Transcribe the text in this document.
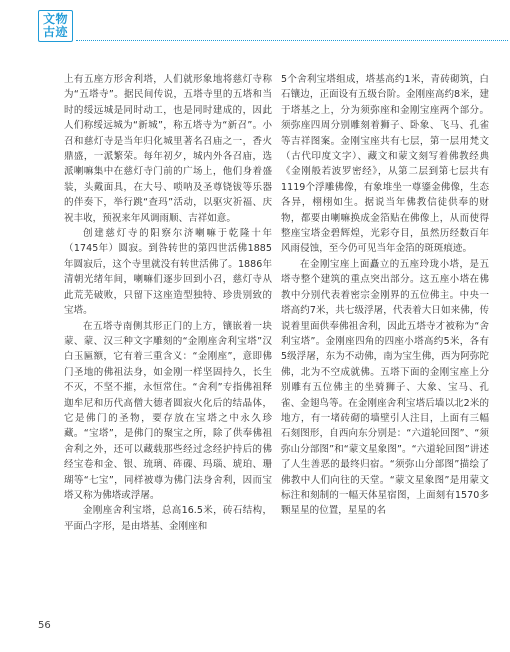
文物
古迹

上有五座方形舍利塔，人们就形象地将慈灯寺称为“五塔寺”。据民间传说，五塔寺里的五塔和当时的绥远城是同时动工，也是同时建成的，因此人们称绥远城为“新城”，称五塔寺为“新召”。小召和慈灯寺是当年归化城里著名召庙之一，香火鼎盛，一派繁荣。每年初夕，城内外各召庙，选派喇嘛集中在慈灯寺门前的广场上，他们身着盛装，头戴面具，在大号、唢呐及圣尊铙钹等乐器的伴奏下，举行跳“查玛”活动，以驱灾祈福、庆祝丰收，预祝来年风调雨顺、吉祥如意。

创建慈灯寺的阳察尔济喇嘛于乾隆十年（1745年）圆寂。到咎转世的第四世活佛1885年圆寂后，这个寺里就没有转世活佛了。1886年清朝光绪年间，喇嘛们逐步回到小召，慈灯寺从此荒芜破败，只留下这座造型独特、珍贵别致的宝塔。

在五塔寺南侧其形正门的上方，镶嵌着一块蒙、蒙、汉三种文字雕刻的“金刚座舍利宝塔”汉白玉匾额，它有着三重含义：“金刚座”，意即佛门圣地的佛祖法身，如金刚一样坚固持久，长生不灭，不坚不摧，永恒常住。“舍利”专指佛祖释迦牟尼和历代高僧大德者圆寂火化后的结晶体，它是佛门的圣物，要存放在宝塔之中永久珍藏。“宝塔”，是佛门的聚宝之所，除了供奉佛祖舍利之外，还可以藏载那些经过念经护持后的佛经宝卷和金、银、琉璃、砗磲、玛瑙、琥珀、珊瑚等“七宝”，同样被尊为佛门法身舍利，因而宝塔又称为佛塔或浮屠。

金刚座舍利宝塔，总高16.5米，砖石结构，平面凸字形，是由塔基、金刚座和

5个舍利宝塔组成，塔基高约1米，青砖砌筑，白石镶边，正面设有五级台阶。金刚座高约8米，建于塔基之上，分为须弥座和金刚宝座两个部分。须弥座四周分别雕刻着狮子、卧象、飞马、孔雀等吉祥图案。金刚宝座共有七层，第一层用梵文（古代印度文字）、藏文和蒙文刻写着佛教经典《金刚般若波罗密经》，从第二层到第七层共有1119个浮雕佛像，有象堆坐一尊鎏金佛像，生态各异，栩栩如生。据说当年佛教信徒供奉的财物，都要由喇嘛换成金箔贴在佛像上，从而使得整座宝塔金碧辉煌，光彩夺目，虽然历经数百年风雨侵蚀，至今仍可见当年金箔的斑斑痕迹。

在金刚宝座上面矗立的五座玲珑小塔，是五塔寺整个建筑的重点突出部分。这五座小塔在佛教中分别代表着密宗金刚界的五位佛主。中央一塔高约7米，共七级浮屠，代表着大日如来佛，传说着里面供奉佛祖舍利，因此五塔寺才被称为“舍利宝塔”。金刚座四角的四座小塔高约5米，各有5级浮屠，东为不动佛，南为宝生佛，西为阿弥陀佛，北为不空成就佛。五塔下面的金刚宝座上分别雕有五位佛主的坐骑狮子、大象、宝马、孔雀、金翅鸟等。在金刚座舍利宝塔后墙以北2米的地方，有一堵砖砌的墙壁引人注目，上面有三幅石刻图形，自西向东分别是：“六道轮回图”、“须弥山分部图”和“蒙文星象图”。“六道轮回图”讲述了人生善恶的最终归宿。“须弥山分部图”描绘了佛教中人们向往的天堂。“蒙文星象图”是用蒙文标注和刻制的一幅天体星宿图，上面刻有1570多颗星星的位置，星星的名

56
